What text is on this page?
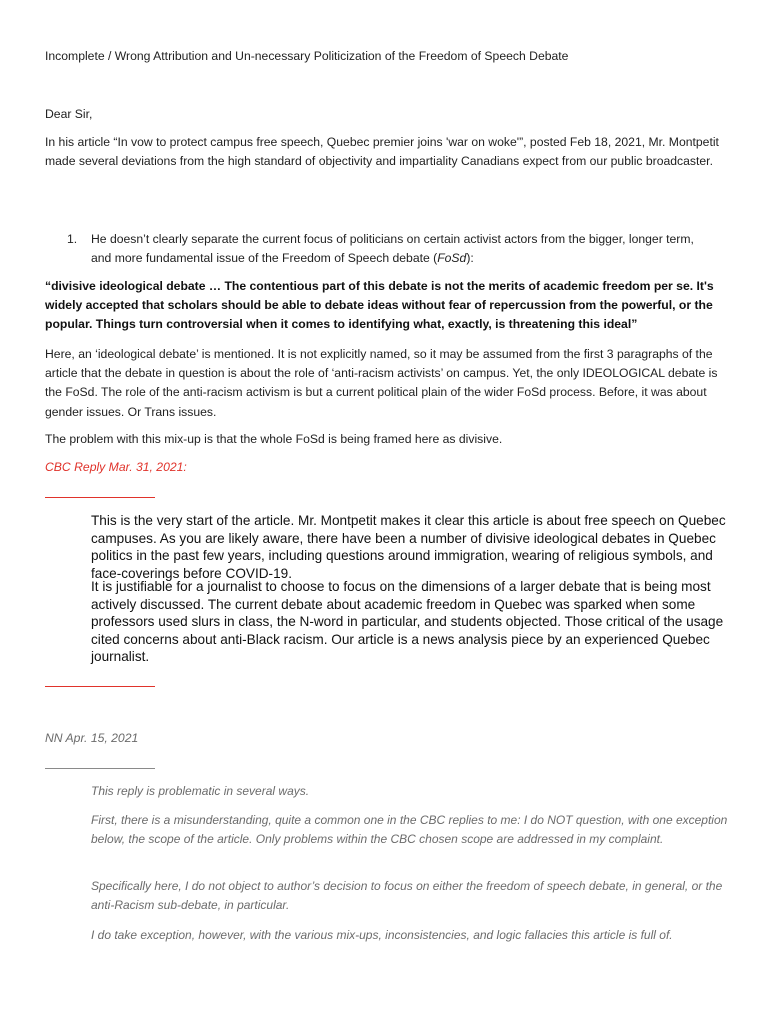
Incomplete / Wrong Attribution and Un-necessary Politicization of the Freedom of Speech Debate
Dear Sir,
In his article “In vow to protect campus free speech, Quebec premier joins 'war on woke'”, posted Feb 18, 2021, Mr. Montpetit made several deviations from the high standard of objectivity and impartiality Canadians expect from our public broadcaster.
1. He doesn’t clearly separate the current focus of politicians on certain activist actors from the bigger, longer term, and more fundamental issue of the Freedom of Speech debate (FoSd):
“divisive ideological debate … The contentious part of this debate is not the merits of academic freedom per se. It's widely accepted that scholars should be able to debate ideas without fear of repercussion from the powerful, or the popular. Things turn controversial when it comes to identifying what, exactly, is threatening this ideal”
Here, an ‘ideological debate’ is mentioned. It is not explicitly named, so it may be assumed from the first 3 paragraphs of the article that the debate in question is about the role of ‘anti-racism activists’ on campus. Yet, the only IDEOLOGICAL debate is the FoSd. The role of the anti-racism activism is but a current political plain of the wider FoSd process. Before, it was about gender issues. Or Trans issues.
The problem with this mix-up is that the whole FoSd is being framed here as divisive.
CBC Reply Mar. 31, 2021:
This is the very start of the article. Mr. Montpetit makes it clear this article is about free speech on Quebec campuses. As you are likely aware, there have been a number of divisive ideological debates in Quebec politics in the past few years, including questions around immigration, wearing of religious symbols, and face-coverings before COVID-19.
It is justifiable for a journalist to choose to focus on the dimensions of a larger debate that is being most actively discussed. The current debate about academic freedom in Quebec was sparked when some professors used slurs in class, the N-word in particular, and students objected. Those critical of the usage cited concerns about anti-Black racism. Our article is a news analysis piece by an experienced Quebec journalist.
NN Apr. 15, 2021
This reply is problematic in several ways.
First, there is a misunderstanding, quite a common one in the CBC replies to me: I do NOT question, with one exception below, the scope of the article. Only problems within the CBC chosen scope are addressed in my complaint.
Specifically here, I do not object to author’s decision to focus on either the freedom of speech debate, in general, or the anti-Racism sub-debate, in particular.
I do take exception, however, with the various mix-ups, inconsistencies, and logic fallacies this article is full of.
